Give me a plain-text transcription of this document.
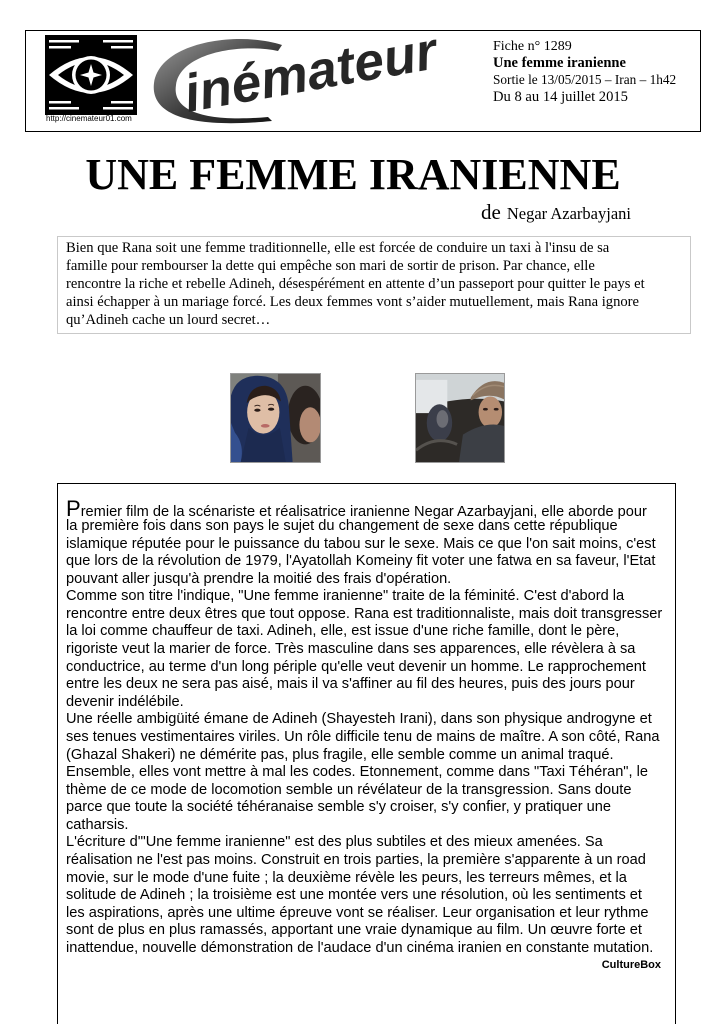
http://cinemateur01.com inémateur	Fiche n° 1289
Une femme iranienne
Sortie le 13/05/2015 – Iran – 1h42
Du 8 au 14 juillet 2015
UNE FEMME IRANIENNE
de Negar Azarbayjani
Bien que Rana soit une femme traditionnelle, elle est forcée de conduire un taxi à l'insu de sa
famille pour rembourser la dette qui empêche son mari de sortir de prison. Par chance, elle
rencontre la riche et rebelle Adineh, désespérément en attente d’un passeport pour quitter le pays et
ainsi échapper à un mariage forcé. Les deux femmes vont s’aider mutuellement, mais Rana ignore
qu’Adineh cache un lourd secret…
Premier film de la scénariste et réalisatrice iranienne Negar Azarbayjani, elle aborde pour
la première fois dans son pays le sujet du changement de sexe dans cette république
islamique réputée pour le puissance du tabou sur le sexe. Mais ce que l'on sait moins, c'est
que lors de la révolution de 1979, l'Ayatollah Komeiny fit voter une fatwa en sa faveur, l'Etat
pouvant aller jusqu'à prendre la moitié des frais d'opération.
Comme son titre l'indique, "Une femme iranienne" traite de la féminité. C'est d'abord la
rencontre entre deux êtres que tout oppose. Rana est traditionnaliste, mais doit transgresser
la loi comme chauffeur de taxi. Adineh, elle, est issue d'une riche famille, dont le père,
rigoriste veut la marier de force. Très masculine dans ses apparences, elle révèlera à sa
conductrice, au terme d'un long périple qu'elle veut devenir un homme. Le rapprochement
entre les deux ne sera pas aisé, mais il va s'affiner au fil des heures, puis des jours pour
devenir indélébile.
Une réelle ambigüité émane de Adineh (Shayesteh Irani), dans son physique androgyne et
ses tenues vestimentaires viriles. Un rôle difficile tenu de mains de maître. A son côté, Rana
(Ghazal Shakeri) ne démérite pas, plus fragile, elle semble comme un animal traqué.
Ensemble, elles vont mettre à mal les codes. Etonnement, comme dans "Taxi Téhéran", le
thème de ce mode de locomotion semble un révélateur de la transgression. Sans doute
parce que toute la société téhéranaise semble s'y croiser, s'y confier, y pratiquer une
catharsis.
L'écriture d'"Une femme iranienne" est des plus subtiles et des mieux amenées. Sa
réalisation ne l'est pas moins. Construit en trois parties, la première s'apparente à un road
movie, sur le mode d'une fuite ; la deuxième révèle les peurs, les terreurs mêmes, et la
solitude de Adineh ; la troisième est une montée vers une résolution, où les sentiments et
les aspirations, après une ultime épreuve vont se réaliser. Leur organisation et leur rythme
sont de plus en plus ramassés, apportant une vraie dynamique au film. Un œuvre forte et
inattendue, nouvelle démonstration de l'audace d'un cinéma iranien en constante mutation.
CultureBox
